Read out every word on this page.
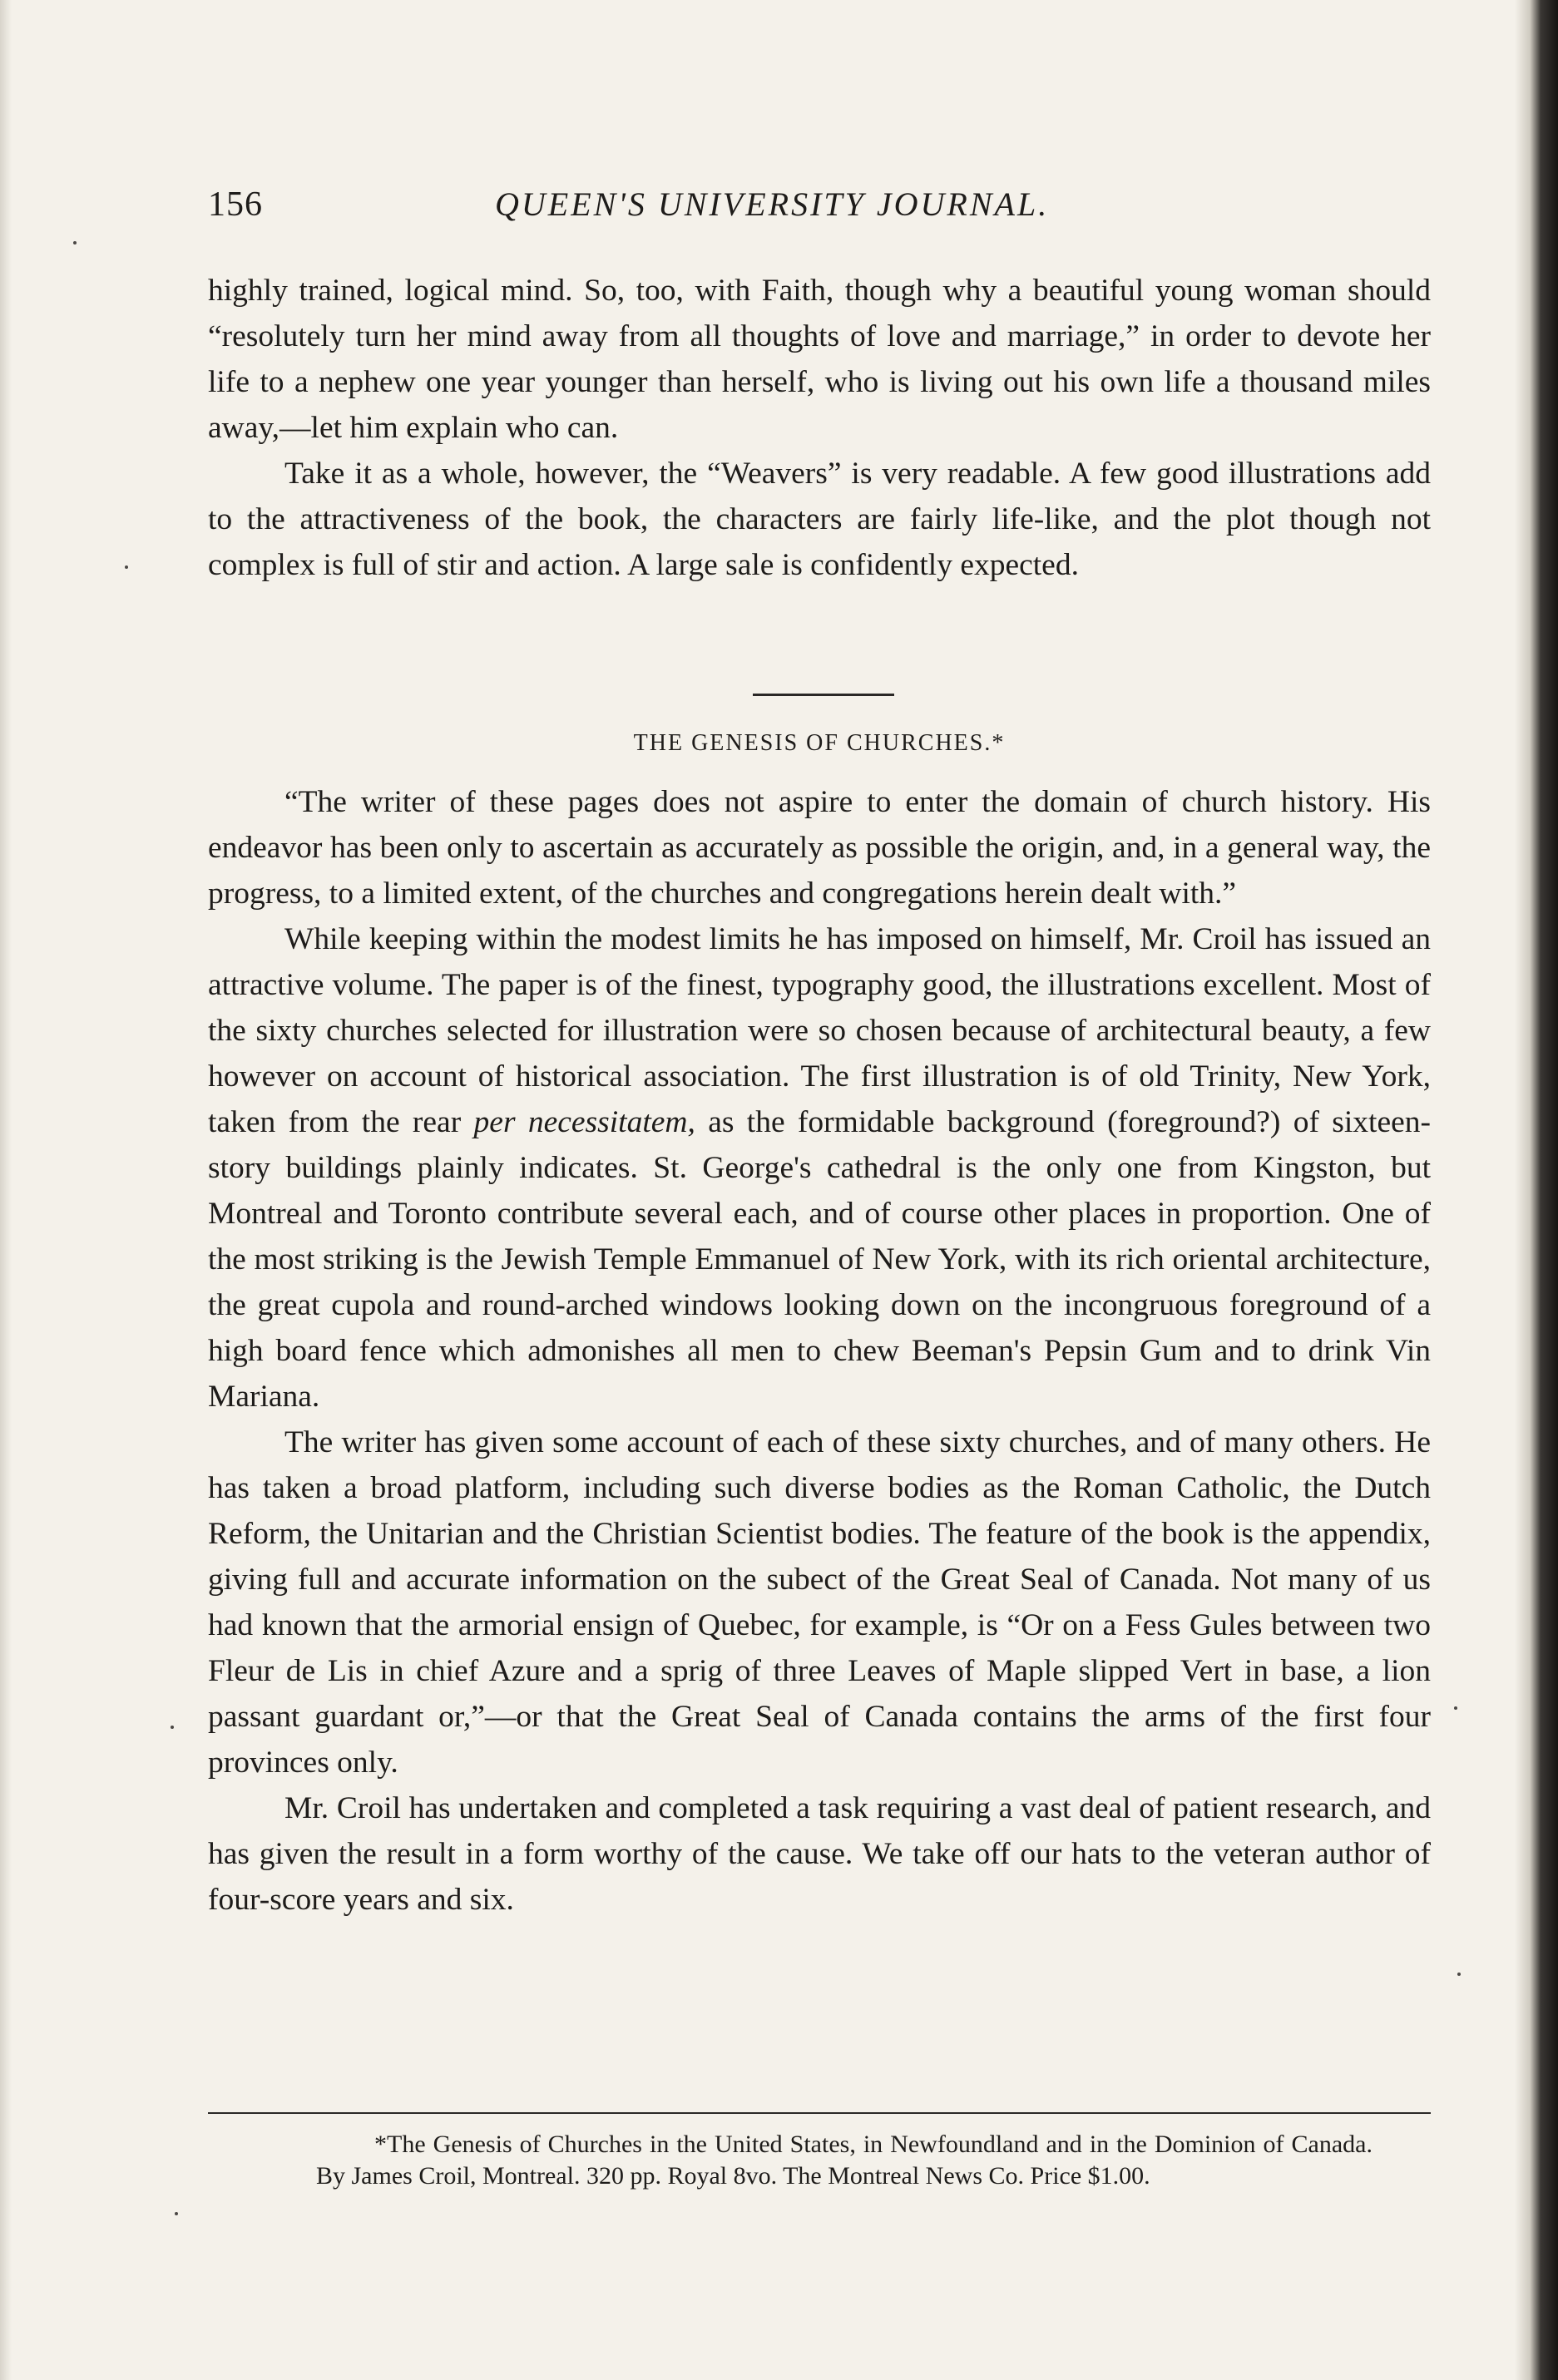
156	QUEEN'S UNIVERSITY JOURNAL.

highly trained, logical mind. So, too, with Faith, though why a beautiful young woman should “resolutely turn her mind away from all thoughts of love and marriage,” in order to devote her life to a nephew one year younger than herself, who is living out his own life a thousand miles away,—let him explain who can.

Take it as a whole, however, the “Weavers” is very readable. A few good illustrations add to the attractiveness of the book, the characters are fairly life-like, and the plot though not complex is full of stir and action. A large sale is confidently expected.

THE GENESIS OF CHURCHES.*

“The writer of these pages does not aspire to enter the domain of church history. His endeavor has been only to ascertain as accurately as possible the origin, and, in a general way, the progress, to a limited extent, of the churches and congregations herein dealt with.”

While keeping within the modest limits he has imposed on himself, Mr. Croil has issued an attractive volume. The paper is of the finest, typography good, the illustrations excellent. Most of the sixty churches selected for illustration were so chosen because of architectural beauty, a few however on account of historical association. The first illustration is of old Trinity, New York, taken from the rear per necessitatem, as the formidable background (foreground?) of sixteen-story buildings plainly indicates. St. George's cathedral is the only one from Kingston, but Montreal and Toronto contribute several each, and of course other places in proportion. One of the most striking is the Jewish Temple Emmanuel of New York, with its rich oriental architecture, the great cupola and round-arched windows looking down on the incongruous foreground of a high board fence which admonishes all men to chew Beeman's Pepsin Gum and to drink Vin Mariana.

The writer has given some account of each of these sixty churches, and of many others. He has taken a broad platform, including such diverse bodies as the Roman Catholic, the Dutch Reform, the Unitarian and the Christian Scientist bodies. The feature of the book is the appendix, giving full and accurate information on the subect of the Great Seal of Canada. Not many of us had known that the armorial ensign of Quebec, for example, is “Or on a Fess Gules between two Fleur de Lis in chief Azure and a sprig of three Leaves of Maple slipped Vert in base, a lion passant guardant or,”—or that the Great Seal of Canada contains the arms of the first four provinces only.

Mr. Croil has undertaken and completed a task requiring a vast deal of patient research, and has given the result in a form worthy of the cause. We take off our hats to the veteran author of four-score years and six.

*The Genesis of Churches in the United States, in Newfoundland and in the Dominion of Canada. By James Croil, Montreal. 320 pp. Royal 8vo. The Montreal News Co. Price $1.00.
